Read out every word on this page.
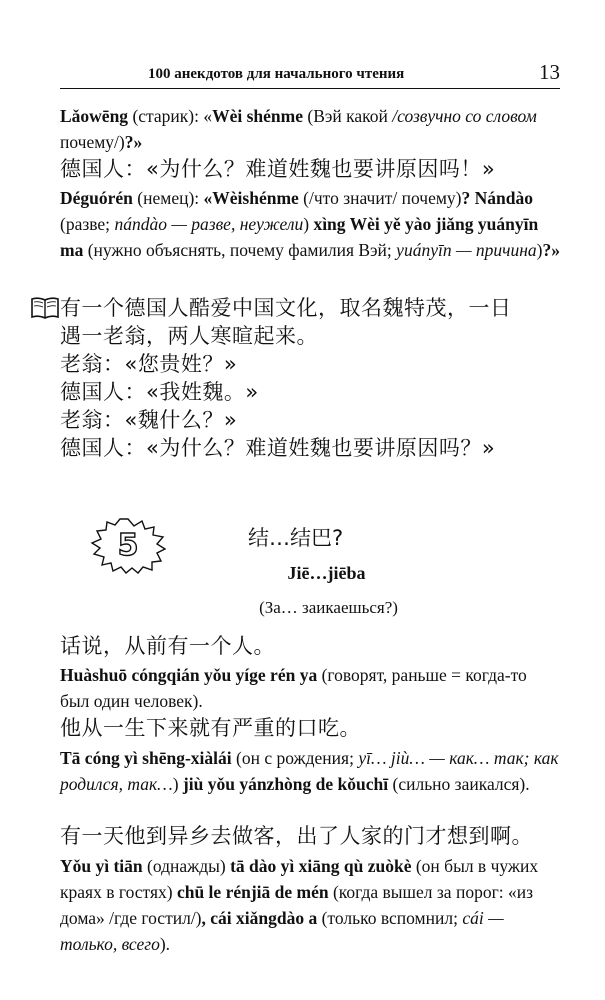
100 анекдотов для начального чтения	13
Lǎowēng (старик): «Wèi shénme (Вэй какой /созвучно со словом почему/)?»
德国人：«为什么？难道姓魏也要讲原因吗！»
Déguórén (немец): «Wèishénme (/что значит/ почему)? Nándào (разве; nándào — разве, неужели) xìng Wèi yě yào jiǎng yuányīn ma (нужно объяснять, почему фамилия Вэй; yuányīn — причина)?»
有一个德国人酷爱中国文化，取名魏特茂，一日
遇一老翁，两人寒暄起来。
老翁：«您贵姓？»
德国人：«我姓魏。»
老翁：«魏什么？»
德国人：«为什么？难道姓魏也要讲原因吗？»
5	结…结巴?
Jiē…jiēba
(За… заикаешься?)
话说，从前有一个人。
Huàshuō cóngqián yǒu yíge rén ya (говорят, раньше = когда-то был один человек).
他从一生下来就有严重的口吃。
Tā cóng yì shēng-xiàlái (он с рождения; yī… jiù… — как… так; как родился, так…) jiù yǒu yánzhòng de kǒuchī (сильно заикался).
有一天他到异乡去做客，出了人家的门才想到啊。
Yǒu yì tiān (однажды) tā dào yì xiāng qù zuòkè (он был в чужих краях в гостях) chū le rénjiā de mén (когда вышел за порог: «из дома» /где гостил/), cái xiǎngdào a (только вспомнил; cái — только, всего).
